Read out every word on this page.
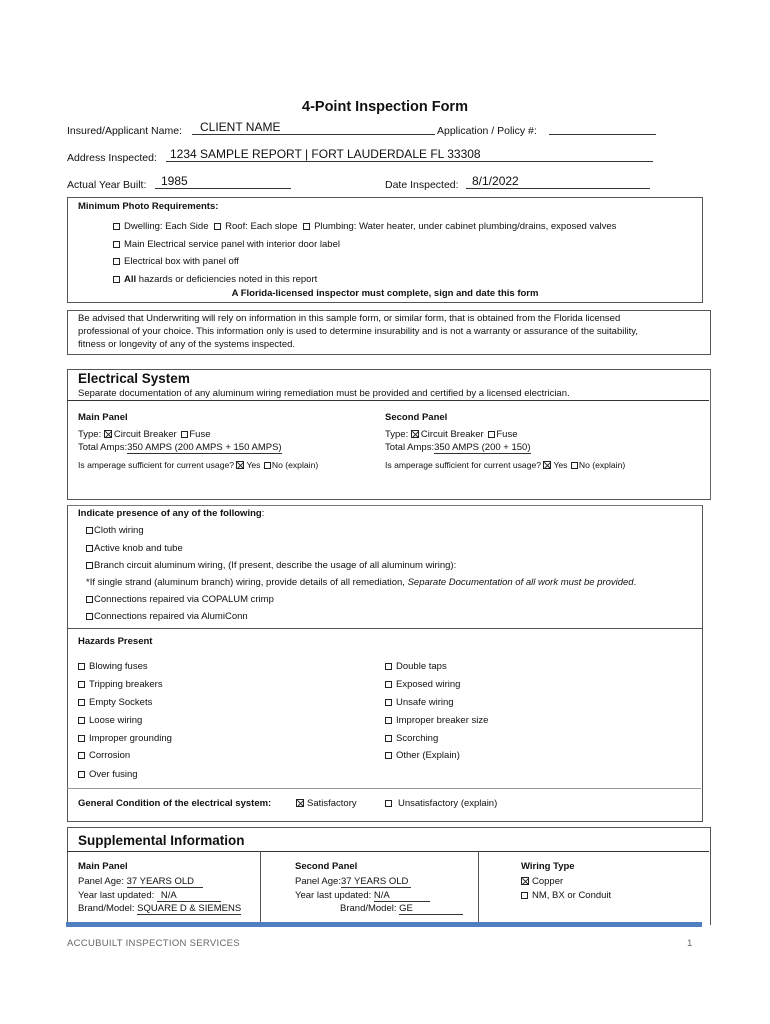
4-Point Inspection Form
Insured/Applicant Name: CLIENT NAME	Application / Policy #:
Address Inspected: 1234 SAMPLE REPORT | FORT LAUDERDALE FL 33308
Actual Year Built: 1985	Date Inspected: 8/1/2022
Minimum Photo Requirements:
Dwelling: Each Side Roof: Each slope Plumbing: Water heater, under cabinet plumbing/drains, exposed valves
Main Electrical service panel with interior door label
Electrical box with panel off
All hazards or deficiencies noted in this report
A Florida-licensed inspector must complete, sign and date this form
Be advised that Underwriting will rely on information in this sample form, or similar form, that is obtained from the Florida licensed
professional of your choice. This information only is used to determine insurability and is not a warranty or assurance of the suitability,
fitness or longevity of any of the systems inspected.
Electrical System
Separate documentation of any aluminum wiring remediation must be provided and certified by a licensed electrician.
Main Panel
Type: Circuit Breaker Fuse
Total Amps:350 AMPS (200 AMPS + 150 AMPS)
Is amperage sufficient for current usage? Yes No (explain)
Second Panel
Type: Circuit Breaker Fuse
Total Amps:350 AMPS (200 + 150)
Is amperage sufficient for current usage? Yes No (explain)
Indicate presence of any of the following:
Cloth wiring
Active knob and tube
Branch circuit aluminum wiring, (If present, describe the usage of all aluminum wiring):
*If single strand (aluminum branch) wiring, provide details of all remediation, Separate Documentation of all work must be provided.
Connections repaired via COPALUM crimp
Connections repaired via AlumiConn
Hazards Present
Blowing fuses
Tripping breakers
Empty Sockets
Loose wiring
Improper grounding
Corrosion
Over fusing
Double taps
Exposed wiring
Unsafe wiring
Improper breaker size
Scorching
Other (Explain)
General Condition of the electrical system:	Satisfactory	Unsatisfactory (explain)
Supplemental Information
Main Panel
Panel Age: 37 YEARS OLD
Year last updated: N/A
Brand/Model: SQUARE D & SIEMENS
Second Panel
Panel Age:37 YEARS OLD
Year last updated: N/A
Brand/Model: GE
Wiring Type
Copper
NM, BX or Conduit
ACCUBUILT INSPECTION SERVICES	1
